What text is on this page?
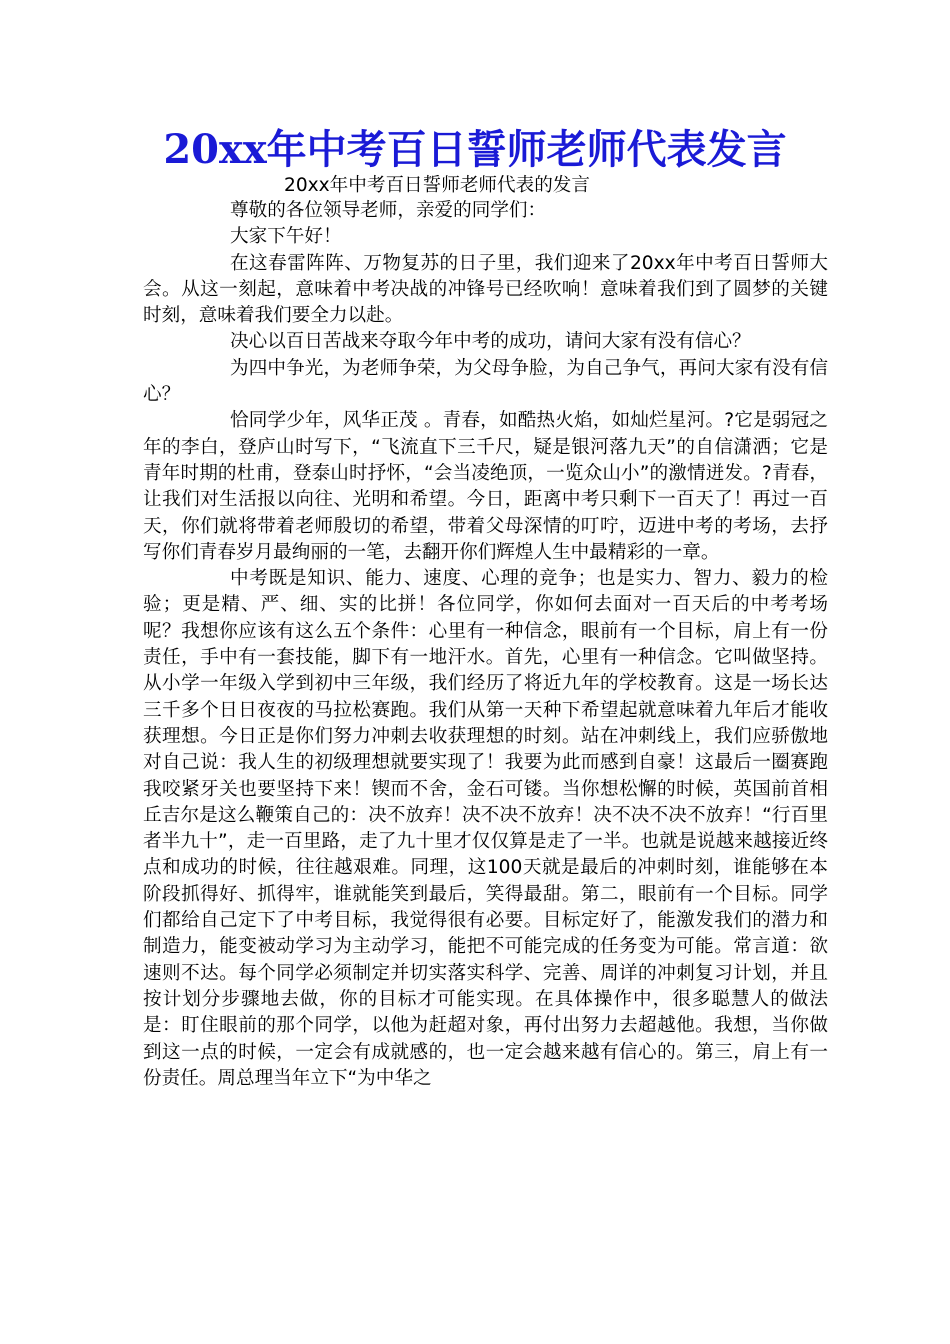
20xx年中考百日誓师老师代表发言
20xx年中考百日誓师老师代表的发言

尊敬的各位领导老师，亲爱的同学们：

大家下午好！

在这春雷阵阵、万物复苏的日子里，我们迎来了20xx年中考百日誓师大会。从这一刻起，意味着中考决战的冲锋号已经吹响！意味着我们到了圆梦的关键时刻，意味着我们要全力以赴。

决心以百日苦战来夺取今年中考的成功，请问大家有没有信心？

为四中争光，为老师争荣，为父母争脸，为自己争气，再问大家有没有信心？

恰同学少年，风华正茂 。青春，如酷热火焰，如灿烂星河。?它是弱冠之年的李白，登庐山时写下，“飞流直下三千尺，疑是银河落九天”的自信潇洒；它是青年时期的杜甫，登泰山时抒怀，“会当凌绝顶，一览众山小”的激情迸发。?青春，让我们对生活报以向往、光明和希望。今日，距离中考只剩下一百天了！再过一百天，你们就将带着老师殷切的希望，带着父母深情的叮咛，迈进中考的考场，去抒写你们青春岁月最绚丽的一笔，去翻开你们辉煌人生中最精彩的一章。

中考既是知识、能力、速度、心理的竞争；也是实力、智力、毅力的检验；更是精、严、细、实的比拼！各位同学，你如何去面对一百天后的中考考场呢？我想你应该有这么五个条件：心里有一种信念，眼前有一个目标，肩上有一份责任，手中有一套技能，脚下有一地汗水。首先，心里有一种信念。它叫做坚持。从小学一年级入学到初中三年级，我们经历了将近九年的学校教育。这是一场长达三千多个日日夜夜的马拉松赛跑。我们从第一天种下希望起就意味着九年后才能收获理想。今日正是你们努力冲刺去收获理想的时刻。站在冲刺线上，我们应骄傲地对自己说：我人生的初级理想就要实现了！我要为此而感到自豪！这最后一圈赛跑我咬紧牙关也要坚持下来！锲而不舍，金石可镂。当你想松懈的时候，英国前首相丘吉尔是这么鞭策自己的：决不放弃！决不决不放弃！决不决不决不放弃！“行百里者半九十”，走一百里路，走了九十里才仅仅算是走了一半。也就是说越来越接近终点和成功的时候，往往越艰难。同理，这100天就是最后的冲刺时刻，谁能够在本阶段抓得好、抓得牢，谁就能笑到最后，笑得最甜。第二，眼前有一个目标。同学们都给自己定下了中考目标，我觉得很有必要。目标定好了，能激发我们的潜力和制造力，能变被动学习为主动学习，能把不可能完成的任务变为可能。常言道：欲速则不达。每个同学必须制定并切实落实科学、完善、周详的冲刺复习计划，并且按计划分步骤地去做，你的目标才可能实现。在具体操作中，很多聪慧人的做法是：盯住眼前的那个同学，以他为赶超对象，再付出努力去超越他。我想，当你做到这一点的时候，一定会有成就感的，也一定会越来越有信心的。第三，肩上有一份责任。周总理当年立下“为中华之
